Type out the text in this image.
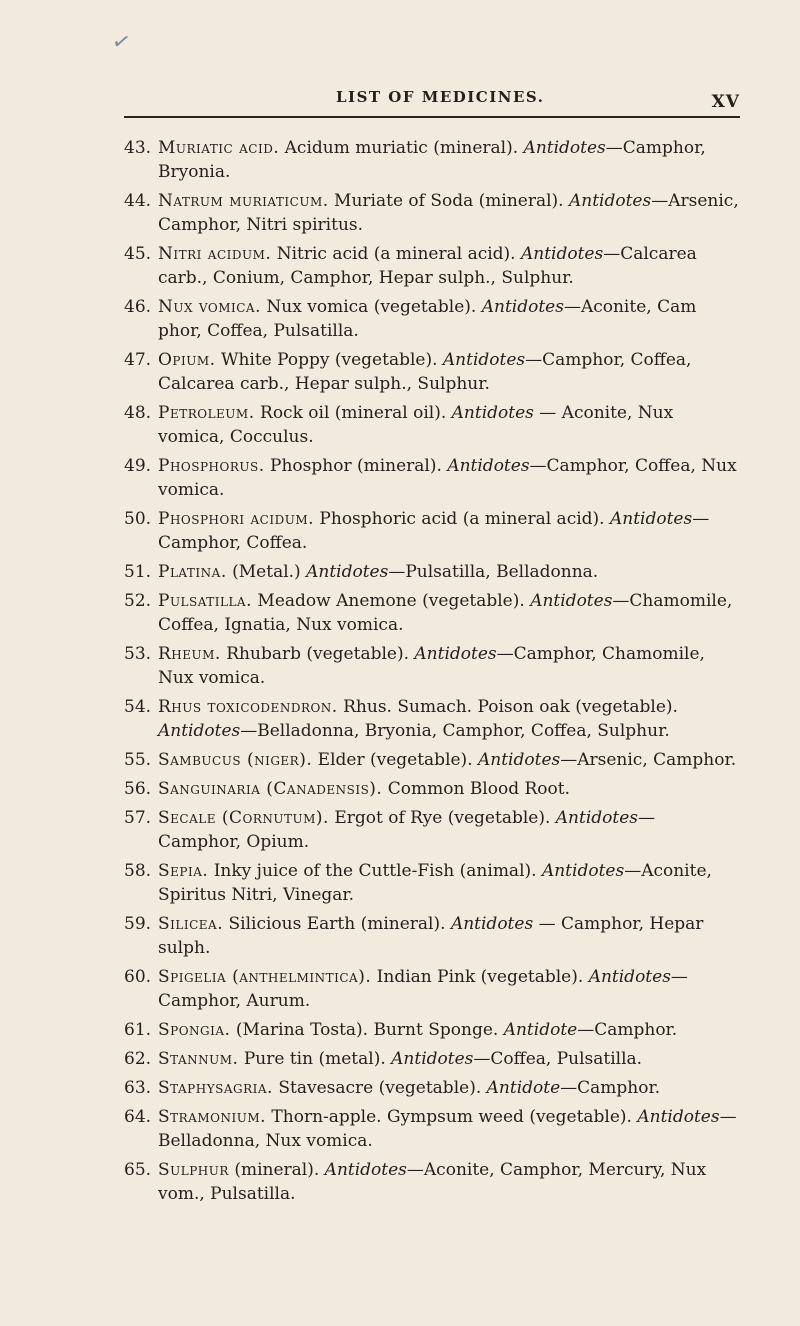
✓
LIST OF MEDICINES.	XV
43. Muriatic acid. Acidum muriatic (mineral). Antidotes—Camphor, Bryonia.
44. Natrum muriaticum. Muriate of Soda (mineral). Antidotes—Arsenic, Camphor, Nitri spiritus.
45. Nitri acidum. Nitric acid (a mineral acid). Antidotes—Calcarea carb., Conium, Camphor, Hepar sulph., Sulphur.
46. Nux vomica. Nux vomica (vegetable). Antidotes—Aconite, Cam phor, Coffea, Pulsatilla.
47. Opium. White Poppy (vegetable). Antidotes—Camphor, Coffea, Calcarea carb., Hepar sulph., Sulphur.
48. Petroleum. Rock oil (mineral oil). Antidotes — Aconite, Nux vomica, Cocculus.
49. Phosphorus. Phosphor (mineral). Antidotes—Camphor, Coffea, Nux vomica.
50. Phosphori acidum. Phosphoric acid (a mineral acid). Antidotes— Camphor, Coffea.
51. Platina. (Metal.) Antidotes—Pulsatilla, Belladonna.
52. Pulsatilla. Meadow Anemone (vegetable). Antidotes—Chamomile, Coffea, Ignatia, Nux vomica.
53. Rheum. Rhubarb (vegetable). Antidotes—Camphor, Chamomile, Nux vomica.
54. Rhus toxicodendron. Rhus. Sumach. Poison oak (vegetable). Antidotes—Belladonna, Bryonia, Camphor, Coffea, Sulphur.
55. Sambucus (niger). Elder (vegetable). Antidotes—Arsenic, Camphor.
56. Sanguinaria (Canadensis). Common Blood Root.
57. Secale (Cornutum). Ergot of Rye (vegetable). Antidotes— Camphor, Opium.
58. Sepia. Inky juice of the Cuttle-Fish (animal). Antidotes—Aconite, Spiritus Nitri, Vinegar.
59. Silicea. Silicious Earth (mineral). Antidotes — Camphor, Hepar sulph.
60. Spigelia (anthelmintica). Indian Pink (vegetable). Antidotes— Camphor, Aurum.
61. Spongia. (Marina Tosta). Burnt Sponge. Antidote—Camphor.
62. Stannum. Pure tin (metal). Antidotes—Coffea, Pulsatilla.
63. Staphysagria. Stavesacre (vegetable). Antidote—Camphor.
64. Stramonium. Thorn-apple. Gympsum weed (vegetable). Antidotes—Belladonna, Nux vomica.
65. Sulphur (mineral). Antidotes—Aconite, Camphor, Mercury, Nux vom., Pulsatilla.
